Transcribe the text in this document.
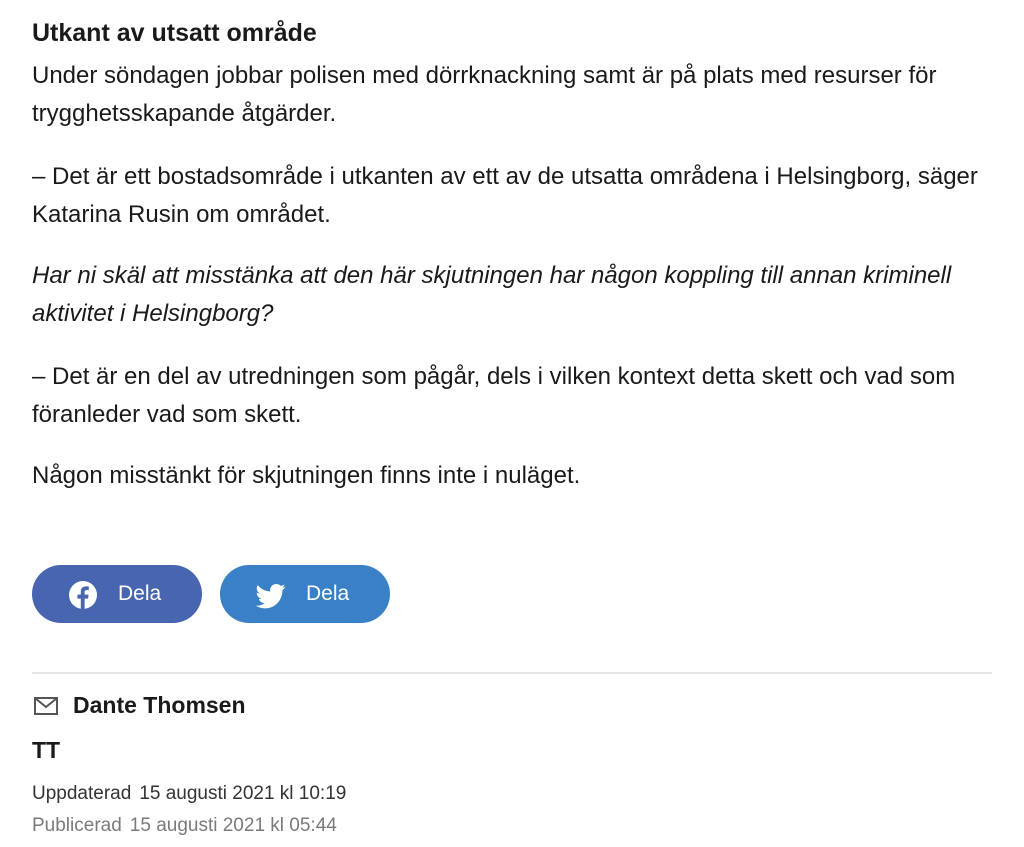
Utkant av utsatt område

Under söndagen jobbar polisen med dörrknackning samt är på plats med resurser för trygghetsskapande åtgärder.

– Det är ett bostadsområde i utkanten av ett av de utsatta områdena i Helsingborg, säger Katarina Rusin om området.

Har ni skäl att misstänka att den här skjutningen har någon koppling till annan kriminell aktivitet i Helsingborg?

– Det är en del av utredningen som pågår, dels i vilken kontext detta skett och vad som föranleder vad som skett.

Någon misstänkt för skjutningen finns inte i nuläget.

Dela	Dela
Dante Thomsen
TT
Uppdaterad 15 augusti 2021 kl 10:19
Publicerad 15 augusti 2021 kl 05:44
